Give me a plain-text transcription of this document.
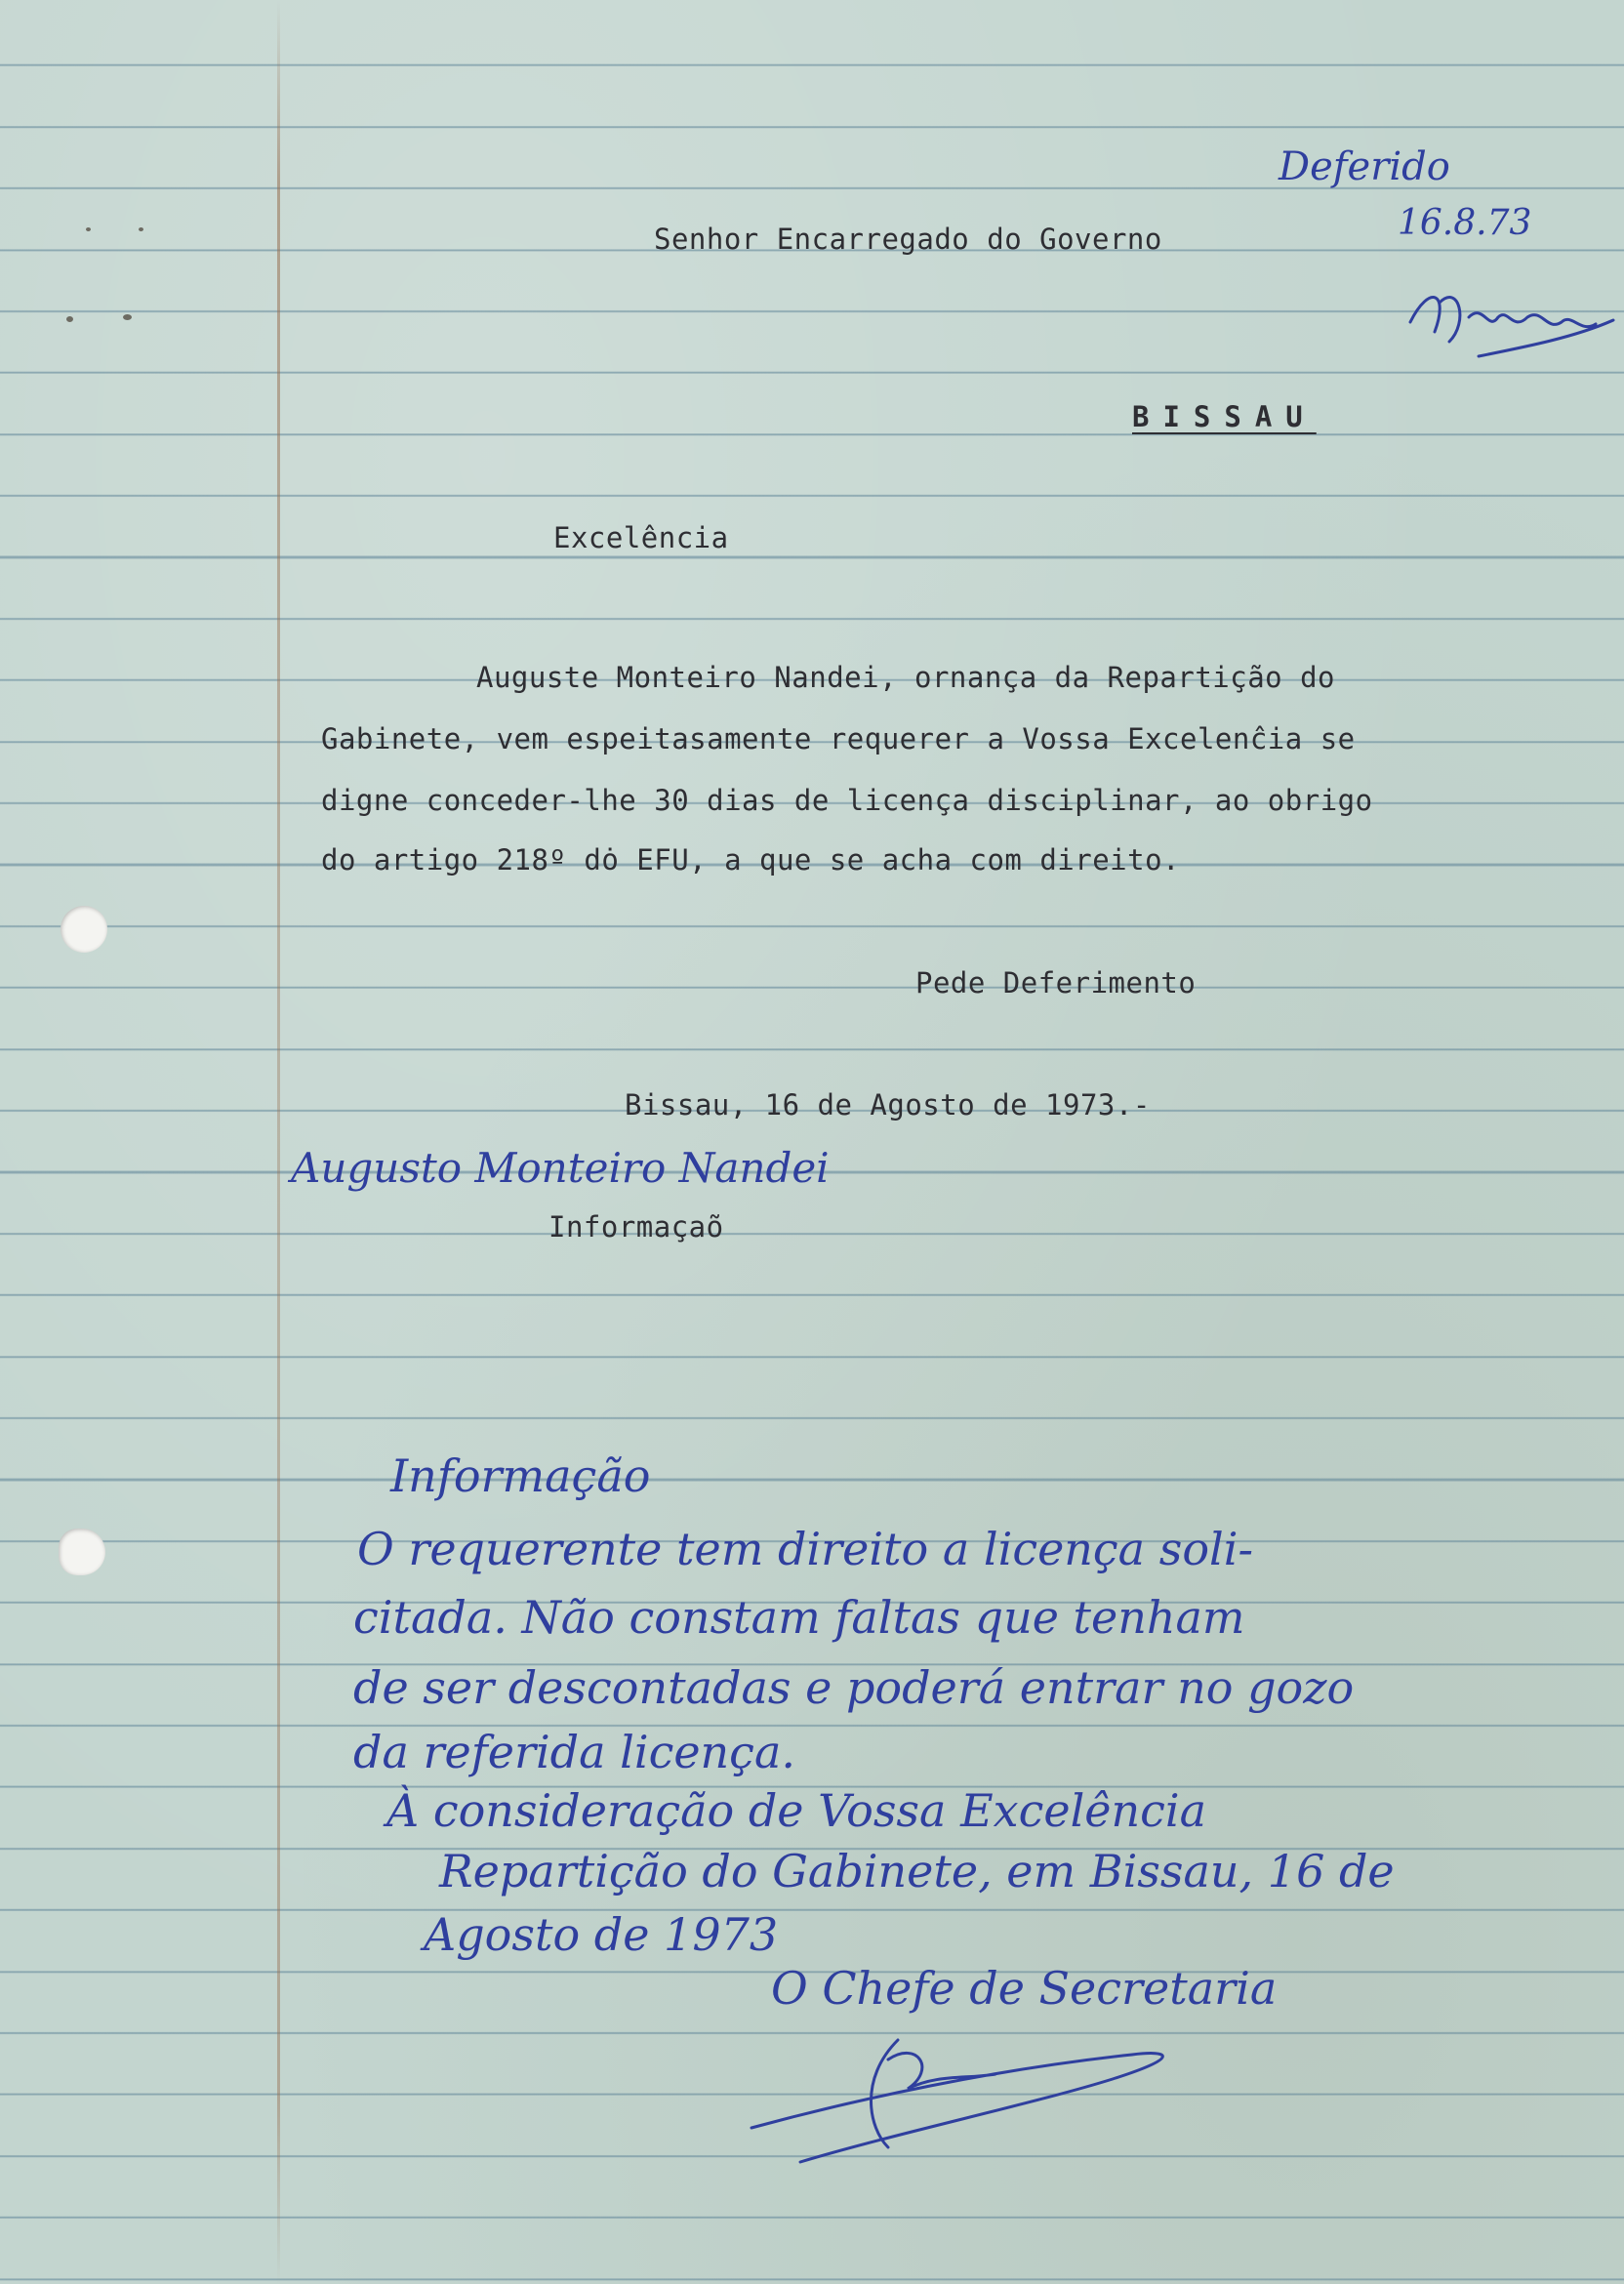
Senhor Encarregado do Governo

BISSAU

Excelência

Auguste Monteiro Nandei, ornança da Repartição do

Gabinete, vem espeitasamente requerer a Vossa Excelenĉia se

digne conceder-lhe 30 dias de licença disciplinar, ao obrigo

do artigo 218º dȯ EFU, a que se acha com direito.

Pede Deferimento

Bissau, 16 de Agosto de 1973.-

Informaçaõ

Deferido

16.8.73

Augusto Monteiro Nandei

Informação

O requerente tem direito a licença soli-

citada. Não constam faltas que tenham

de ser descontadas e poderá entrar no gozo

da referida licença.

À consideração de Vossa Excelência

Repartição do Gabinete, em Bissau, 16 de

Agosto de 1973

O Chefe de Secretaria
